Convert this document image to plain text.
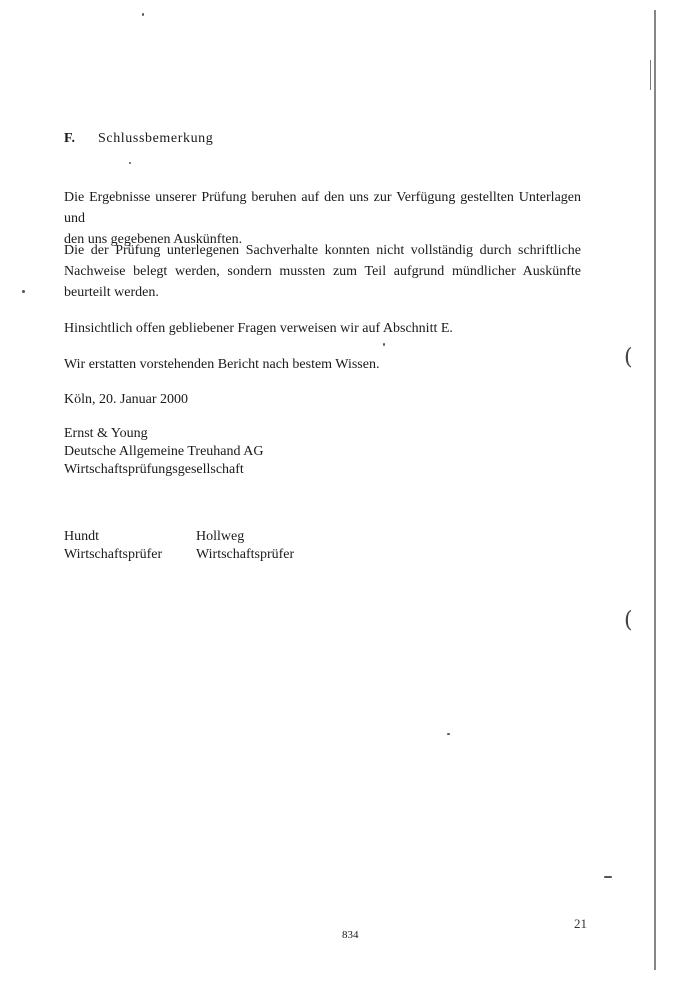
F. Schlussbemerkung
Die Ergebnisse unserer Prüfung beruhen auf den uns zur Verfügung gestellten Unterlagen und
den uns gegebenen Auskünften.
Die der Prüfung unterlegenen Sachverhalte konnten nicht vollständig durch schriftliche
Nachweise belegt werden, sondern mussten zum Teil aufgrund mündlicher Auskünfte
beurteilt werden.
Hinsichtlich offen gebliebener Fragen verweisen wir auf Abschnitt E.
Wir erstatten vorstehenden Bericht nach bestem Wissen.
Köln, 20. Januar 2000
Ernst & Young
Deutsche Allgemeine Treuhand AG
Wirtschaftsprüfungsgesellschaft
Hundt
Wirtschaftsprüfer
Hollweg
Wirtschaftsprüfer
834
21
(
(
